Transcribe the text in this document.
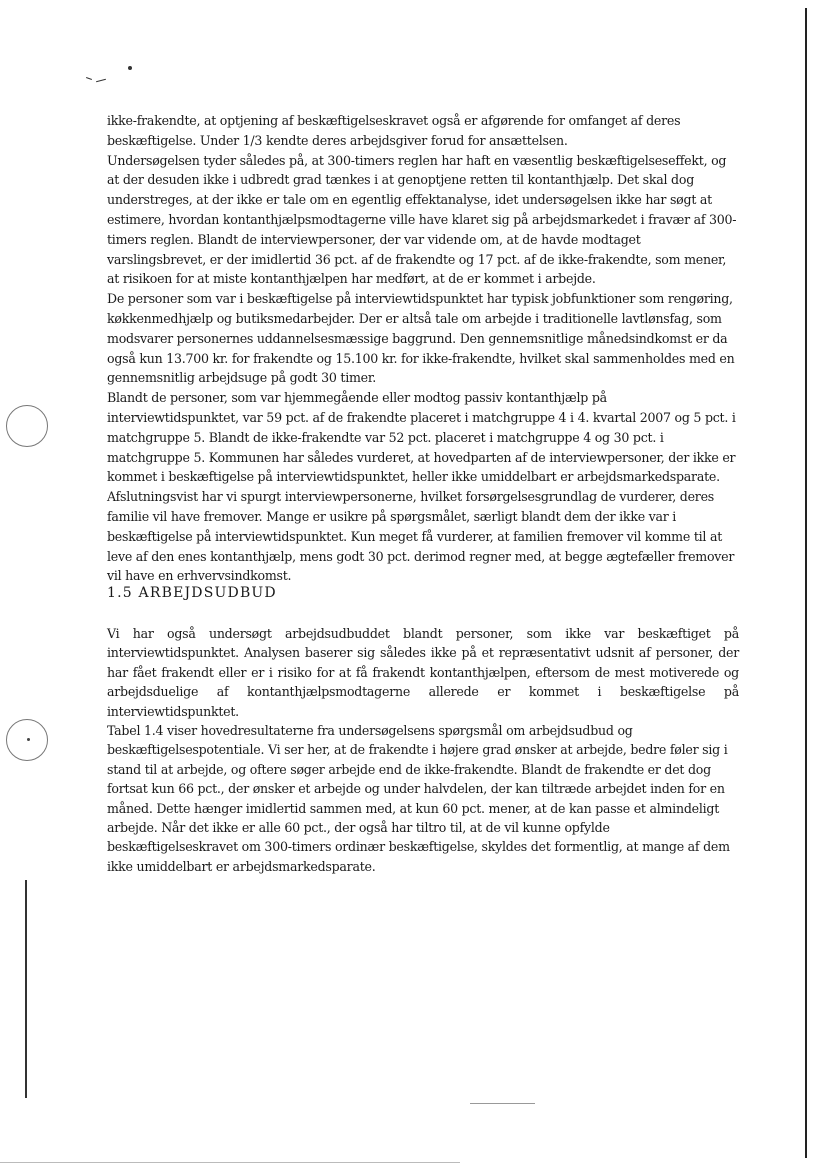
ikke-frakendte, at optjening af beskæftigelseskravet også er afgørende for omfanget af deres beskæftigelse. Under 1/3 kendte deres arbejdsgiver forud for ansættelsen.

Undersøgelsen tyder således på, at 300-timers reglen har haft en væsentlig beskæftigelseseffekt, og at der desuden ikke i udbredt grad tænkes i at genoptjene retten til kontanthjælp. Det skal dog understreges, at der ikke er tale om en egentlig effektanalyse, idet undersøgelsen ikke har søgt at estimere, hvordan kontanthjælpsmodtagerne ville have klaret sig på arbejdsmarkedet i fravær af 300-timers reglen. Blandt de interviewpersoner, der var vidende om, at de havde modtaget varslingsbrevet, er der imidlertid 36 pct. af de frakendte og 17 pct. af de ikke-frakendte, som mener, at risikoen for at miste kontanthjælpen har medført, at de er kommet i arbejde.

De personer som var i beskæftigelse på interviewtidspunktet har typisk jobfunktioner som rengøring, køkkenmedhjælp og butiksmedarbejder. Der er altså tale om arbejde i traditionelle lavtlønsfag, som modsvarer personernes uddannelsesmæssige baggrund. Den gennemsnitlige månedsindkomst er da også kun 13.700 kr. for frakendte og 15.100 kr. for ikke-frakendte, hvilket skal sammenholdes med en gennemsnitlig arbejdsuge på godt 30 timer.

Blandt de personer, som var hjemmegående eller modtog passiv kontanthjælp på interviewtidspunktet, var 59 pct. af de frakendte placeret i matchgruppe 4 i 4. kvartal 2007 og 5 pct. i matchgruppe 5. Blandt de ikke-frakendte var 52 pct. placeret i matchgruppe 4 og 30 pct. i matchgruppe 5. Kommunen har således vurderet, at hovedparten af de interviewpersoner, der ikke er kommet i beskæftigelse på interviewtidspunktet, heller ikke umiddelbart er arbejdsmarkedsparate.

Afslutningsvist har vi spurgt interviewpersonerne, hvilket forsørgelsesgrundlag de vurderer, deres familie vil have fremover. Mange er usikre på spørgsmålet, særligt blandt dem der ikke var i beskæftigelse på interviewtidspunktet. Kun meget få vurderer, at familien fremover vil komme til at leve af den enes kontanthjælp, mens godt 30 pct. derimod regner med, at begge ægtefæller fremover vil have en erhvervsindkomst.

1.5 ARBEJDSUDBUD

Vi har også undersøgt arbejdsudbuddet blandt personer, som ikke var beskæftiget på interviewtidspunktet. Analysen baserer sig således ikke på et repræsentativt udsnit af personer, der har fået frakendt eller er i risiko for at få frakendt kontanthjælpen, eftersom de mest motiverede og arbejdsduelige af kontanthjælpsmodtagerne allerede er kommet i beskæftigelse på interviewtidspunktet.

Tabel 1.4 viser hovedresultaterne fra undersøgelsens spørgsmål om arbejdsudbud og beskæftigelsespotentiale. Vi ser her, at de frakendte i højere grad ønsker at arbejde, bedre føler sig i stand til at arbejde, og oftere søger arbejde end de ikke-frakendte. Blandt de frakendte er det dog fortsat kun 66 pct., der ønsker et arbejde og under halvdelen, der kan tiltræde arbejdet inden for en måned. Dette hænger imidlertid sammen med, at kun 60 pct. mener, at de kan passe et almindeligt arbejde. Når det ikke er alle 60 pct., der også har tiltro til, at de vil kunne opfylde beskæftigelseskravet om 300-timers ordinær beskæftigelse, skyldes det formentlig, at mange af dem ikke umiddelbart er arbejdsmarkedsparate.
